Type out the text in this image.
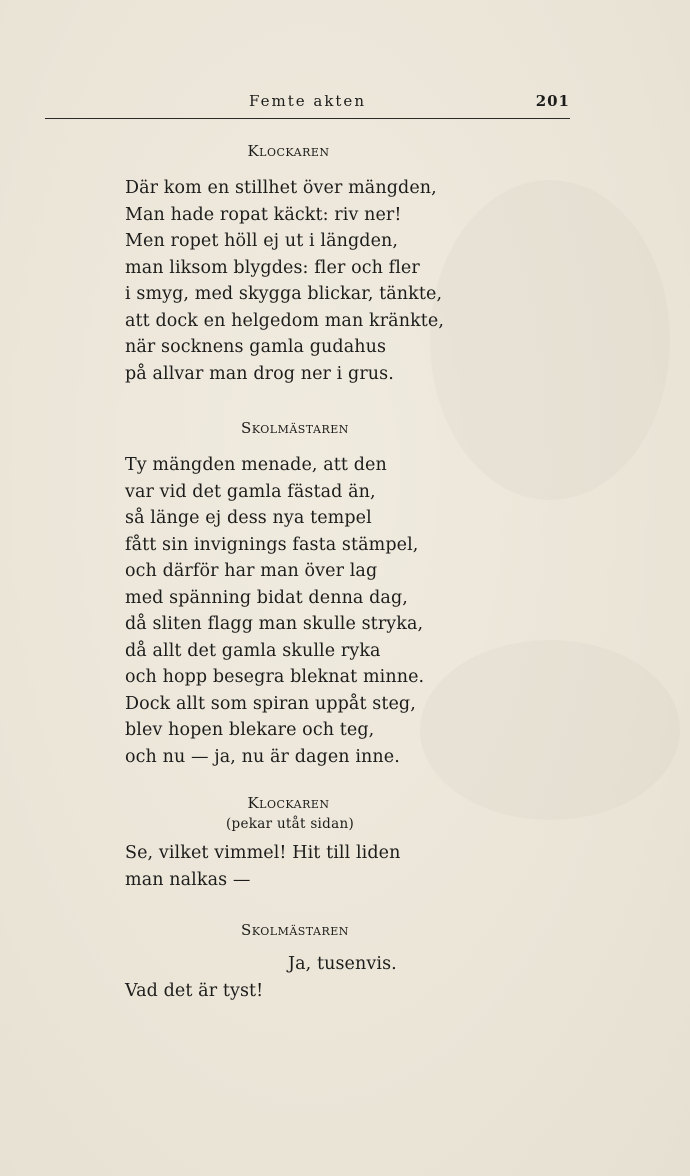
Femte akten	201
Klockaren
Där kom en stillhet över mängden,
Man hade ropat käckt: riv ner!
Men ropet höll ej ut i längden,
man liksom blygdes: fler och fler
i smyg, med skygga blickar, tänkte,
att dock en helgedom man kränkte,
när socknens gamla gudahus
på allvar man drog ner i grus.
Skolmästaren
Ty mängden menade, att den
var vid det gamla fästad än,
så länge ej dess nya tempel
fått sin invignings fasta stämpel,
och därför har man över lag
med spänning bidat denna dag,
då sliten flagg man skulle stryka,
då allt det gamla skulle ryka
och hopp besegra bleknat minne.
Dock allt som spiran uppåt steg,
blev hopen blekare och teg,
och nu — ja, nu är dagen inne.
Klockaren
(pekar utåt sidan)
Se, vilket vimmel! Hit till liden
man nalkas —
Skolmästaren
Ja, tusenvis.
Vad det är tyst!
